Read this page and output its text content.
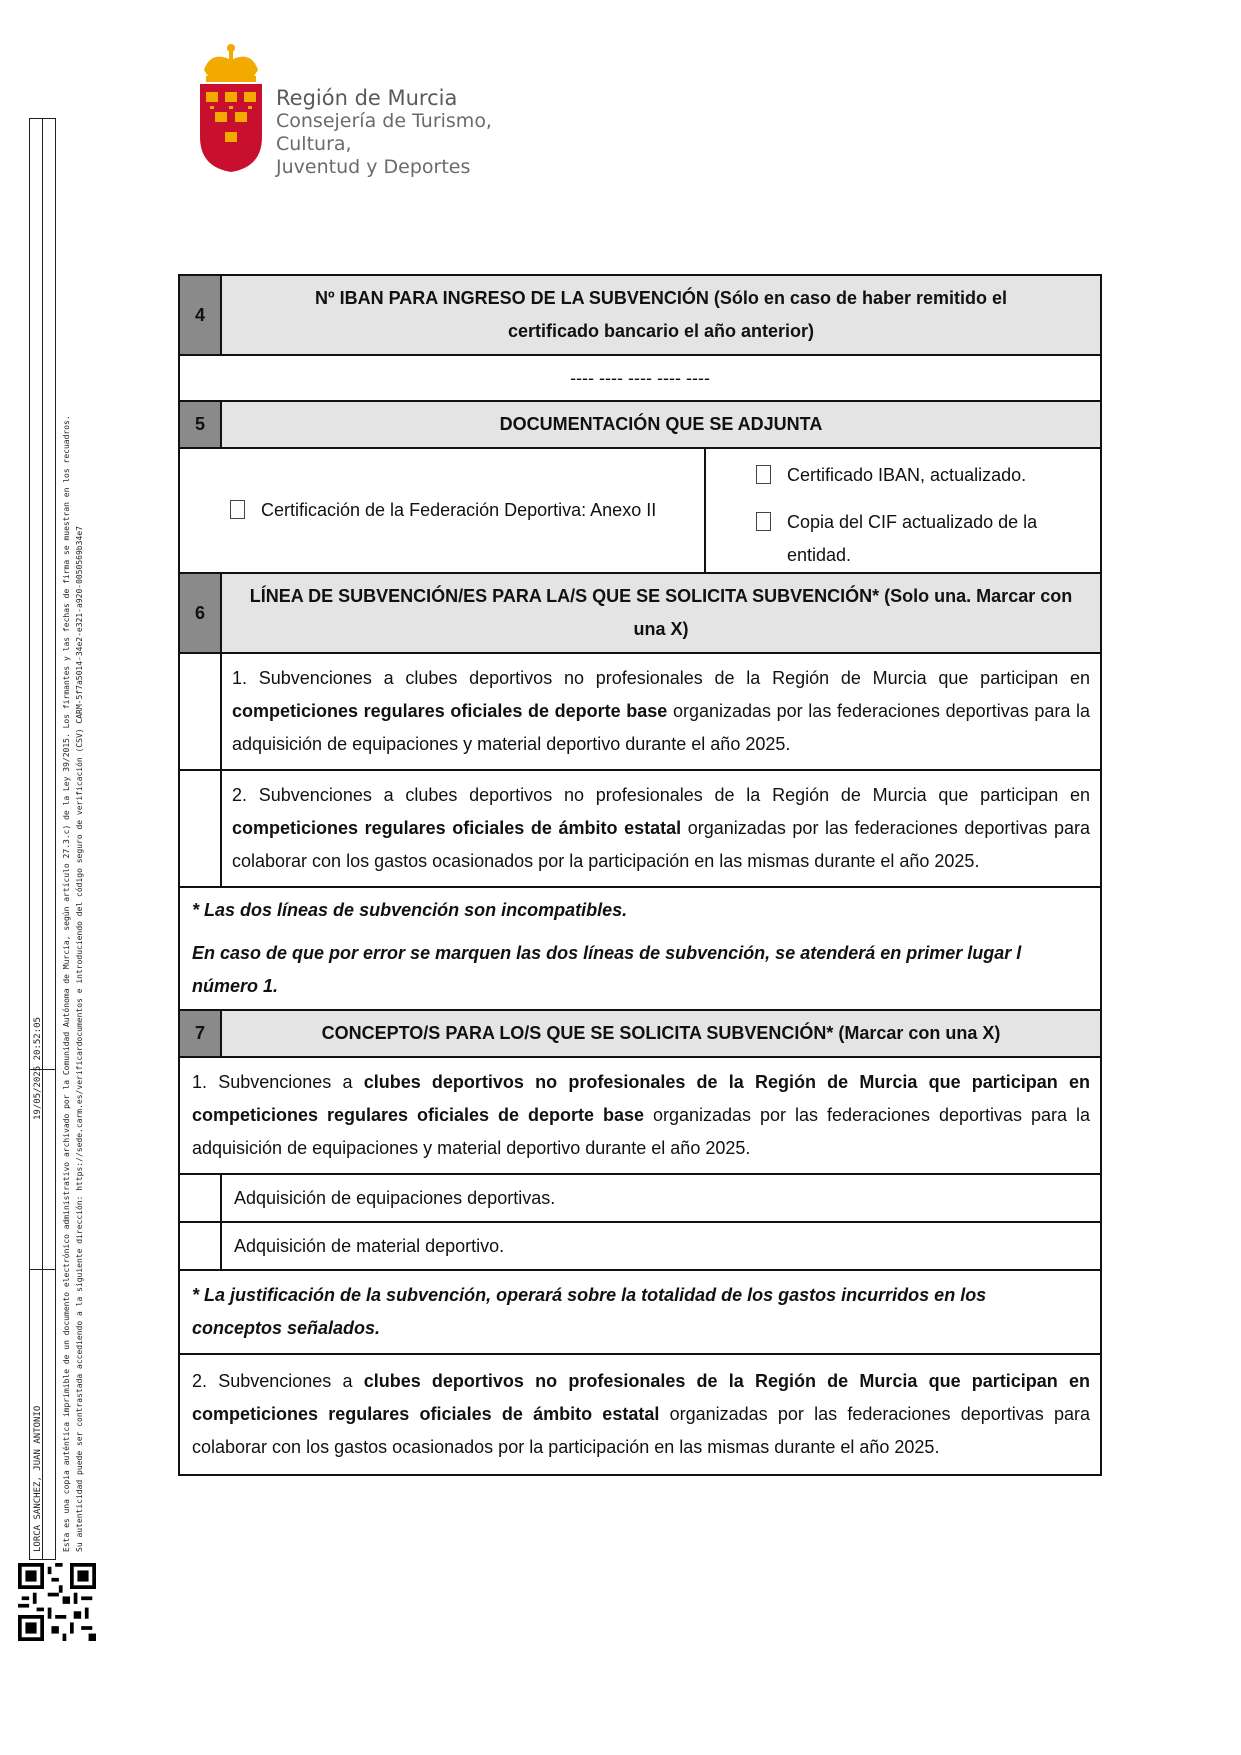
Región de Murcia
Consejería de Turismo, Cultura,
Juventud y Deportes
LORCA SANCHEZ, JUAN ANTONIO
19/05/2025 20:52:05 Esta es una copia auténtica imprimible de un documento electrónico administrativo archivado por la Comunidad Autónoma de Murcia, según artículo 27.3.c) de la Ley 39/2015. Los firmantes y las fechas de firma se muestran en los recuadros. Su autenticidad puede ser contrastada accediendo a la siguiente dirección: https://sede.carm.es/verificardocumentos e introduciendo del código seguro de verificación (CSV) CARM-5f7a5014-34e2-e321-a920-0050569b34e7
4	Nº IBAN PARA INGRESO DE LA SUBVENCIÓN (Sólo en caso de haber remitido el
certificado bancario el año anterior)	

---- ---- ---- ---- ----		
5	DOCUMENTACIÓN QUE SE ADJUNTA	

Certificación de la Federación Deportiva: Anexo II		Certificado IBAN, actualizado.
Copia del CIF actualizado de la entidad.

6	LÍNEA DE SUBVENCIÓN/ES PARA LA/S QUE SE SOLICITA SUBVENCIÓN* (Solo una. Marcar con una X)	
	1. Subvenciones a clubes deportivos no profesionales de la Región de Murcia que participan en competiciones regulares oficiales de deporte base organizadas por las federaciones deportivas para la adquisición de equipaciones y material deportivo durante el año 2025.	
	2. Subvenciones a clubes deportivos no profesionales de la Región de Murcia que participan en competiciones regulares oficiales de ámbito estatal organizadas por las federaciones deportivas para colaborar con los gastos ocasionados por la participación en las mismas durante el año 2025.	

* Las dos líneas de subvención son incompatibles.
En caso de que por error se marquen las dos líneas de subvención, se atenderá en primer lugar l
número 1.		

7	CONCEPTO/S PARA LO/S QUE SE SOLICITA SUBVENCIÓN* (Marcar con una X)	
1. Subvenciones a clubes deportivos no profesionales de la Región de Murcia que participan en competiciones regulares oficiales de deporte base organizadas por las federaciones deportivas para la adquisición de equipaciones y material deportivo durante el año 2025.		
	Adquisición de equipaciones deportivas.	
	Adquisición de material deportivo.	
* La justificación de la subvención, operará sobre la totalidad de los gastos incurridos en los conceptos señalados.		
2. Subvenciones a clubes deportivos no profesionales de la Región de Murcia que participan en competiciones regulares oficiales de ámbito estatal organizadas por las federaciones deportivas para colaborar con los gastos ocasionados por la participación en las mismas durante el año 2025.		
